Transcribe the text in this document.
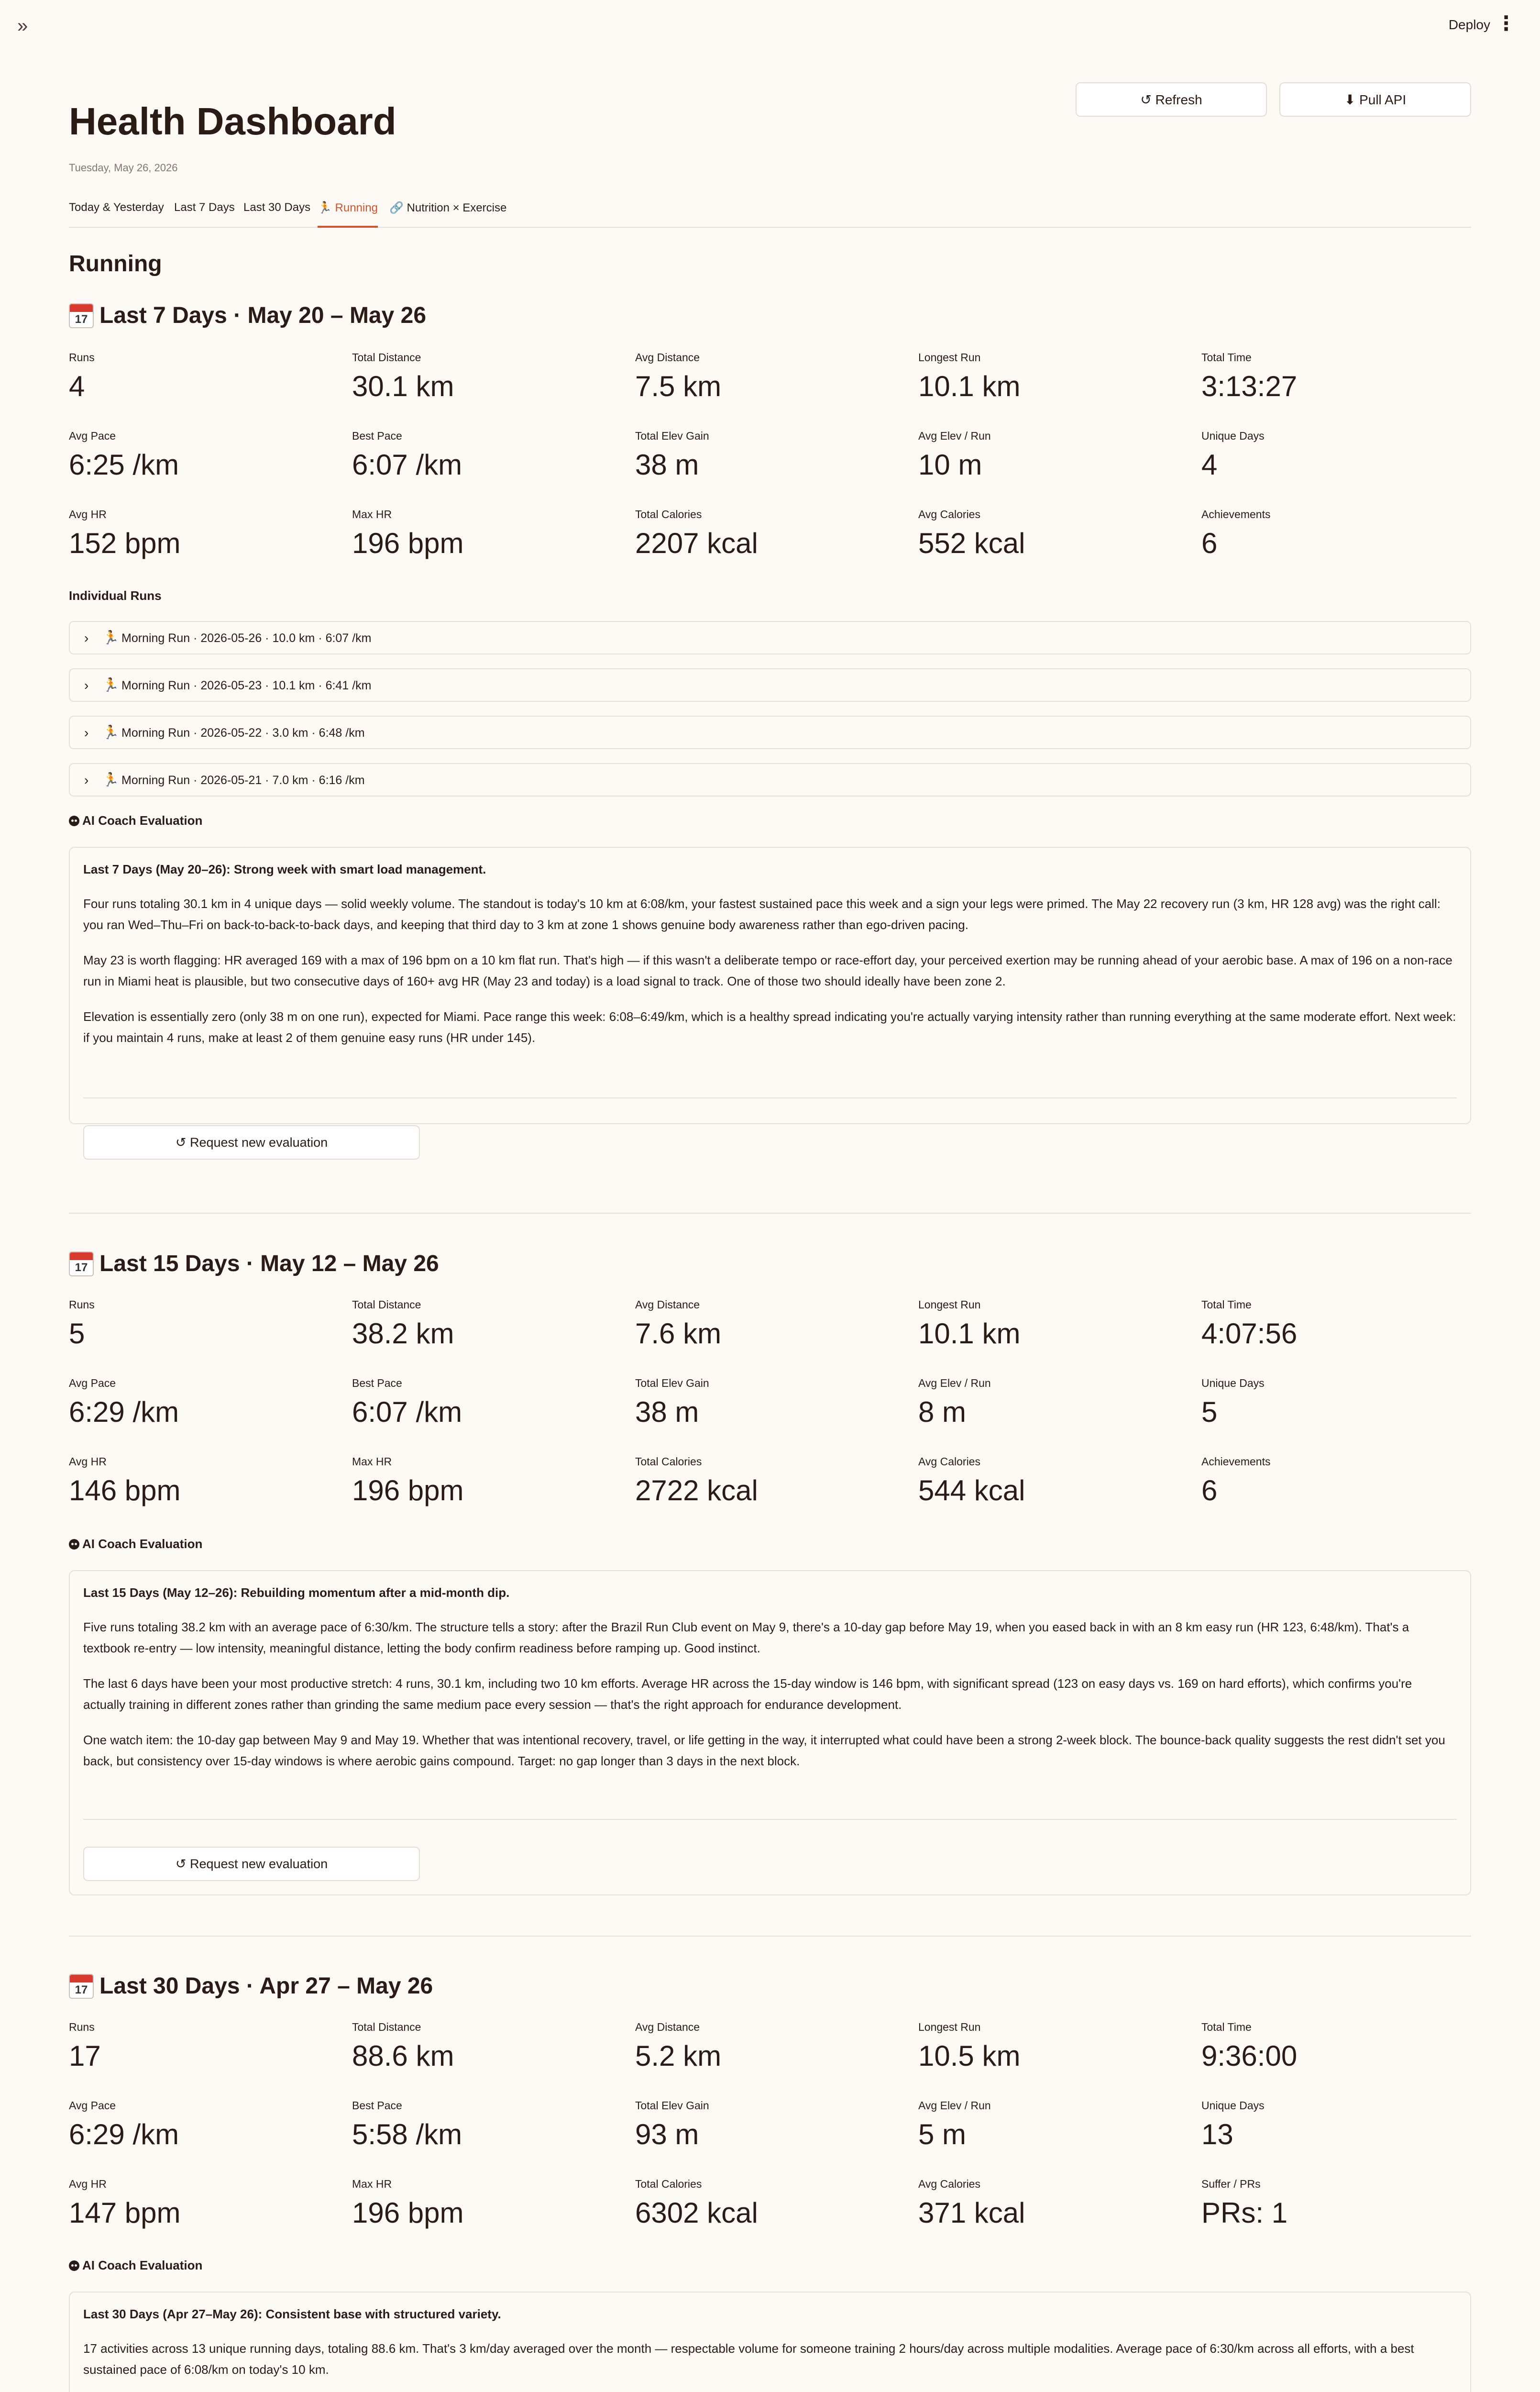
»	Deploy ⋮
↺ Refresh	⬇ Pull API
Health Dashboard
Tuesday, May 26, 2026
Today & Yesterday Last 7 Days Last 30 Days 🏃 Running 🔗 Nutrition × Exercise
Running
17 Last 7 Days · May 20 – May 26
Runs
4
Total Distance
30.1 km
Avg Distance
7.5 km
Longest Run
10.1 km
Total Time
3:13:27
Avg Pace
6:25 /km
Best Pace
6:07 /km
Total Elev Gain
38 m
Avg Elev / Run
10 m
Unique Days
4
Avg HR
152 bpm
Max HR
196 bpm
Total Calories
2207 kcal
Avg Calories
552 kcal
Achievements
6
Individual Runs
› 🏃 Morning Run · 2026-05-26 · 10.0 km · 6:07 /km
› 🏃 Morning Run · 2026-05-23 · 10.1 km · 6:41 /km
› 🏃 Morning Run · 2026-05-22 · 3.0 km · 6:48 /km
› 🏃 Morning Run · 2026-05-21 · 7.0 km · 6:16 /km
AI Coach Evaluation
Last 7 Days (May 20–26): Strong week with smart load management.

Four runs totaling 30.1 km in 4 unique days — solid weekly volume. The standout is today's 10 km at 6:08/km, your fastest sustained pace this week and a sign your legs were primed. The May 22 recovery run (3 km, HR 128 avg) was the right call: you ran Wed–Thu–Fri on back-to-back-to-back days, and keeping that third day to 3 km at zone 1 shows genuine body awareness rather than ego-driven pacing.

May 23 is worth flagging: HR averaged 169 with a max of 196 bpm on a 10 km flat run. That's high — if this wasn't a deliberate tempo or race-effort day, your perceived exertion may be running ahead of your aerobic base. A max of 196 on a non-race run in Miami heat is plausible, but two consecutive days of 160+ avg HR (May 23 and today) is a load signal to track. One of those two should ideally have been zone 2.

Elevation is essentially zero (only 38 m on one run), expected for Miami. Pace range this week: 6:08–6:49/km, which is a healthy spread indicating you're actually varying intensity rather than running everything at the same moderate effort. Next week: if you maintain 4 runs, make at least 2 of them genuine easy runs (HR under 145).

↺ Request new evaluation
17 Last 15 Days · May 12 – May 26
Runs
5
Total Distance
38.2 km
Avg Distance
7.6 km
Longest Run
10.1 km
Total Time
4:07:56
Avg Pace
6:29 /km
Best Pace
6:07 /km
Total Elev Gain
38 m
Avg Elev / Run
8 m
Unique Days
5
Avg HR
146 bpm
Max HR
196 bpm
Total Calories
2722 kcal
Avg Calories
544 kcal
Achievements
6
AI Coach Evaluation
Last 15 Days (May 12–26): Rebuilding momentum after a mid-month dip.

Five runs totaling 38.2 km with an average pace of 6:30/km. The structure tells a story: after the Brazil Run Club event on May 9, there's a 10-day gap before May 19, when you eased back in with an 8 km easy run (HR 123, 6:48/km). That's a textbook re-entry — low intensity, meaningful distance, letting the body confirm readiness before ramping up. Good instinct.

The last 6 days have been your most productive stretch: 4 runs, 30.1 km, including two 10 km efforts. Average HR across the 15-day window is 146 bpm, with significant spread (123 on easy days vs. 169 on hard efforts), which confirms you're actually training in different zones rather than grinding the same medium pace every session — that's the right approach for endurance development.

One watch item: the 10-day gap between May 9 and May 19. Whether that was intentional recovery, travel, or life getting in the way, it interrupted what could have been a strong 2-week block. The bounce-back quality suggests the rest didn't set you back, but consistency over 15-day windows is where aerobic gains compound. Target: no gap longer than 3 days in the next block.

↺ Request new evaluation
17 Last 30 Days · Apr 27 – May 26
Runs
17
Total Distance
88.6 km
Avg Distance
5.2 km
Longest Run
10.5 km
Total Time
9:36:00
Avg Pace
6:29 /km
Best Pace
5:58 /km
Total Elev Gain
93 m
Avg Elev / Run
5 m
Unique Days
13
Avg HR
147 bpm
Max HR
196 bpm
Total Calories
6302 kcal
Avg Calories
371 kcal
Suffer / PRs
PRs: 1
AI Coach Evaluation
Last 30 Days (Apr 27–May 26): Consistent base with structured variety.

17 activities across 13 unique running days, totaling 88.6 km. That's 3 km/day averaged over the month — respectable volume for someone training 2 hours/day across multiple modalities. Average pace of 6:30/km across all efforts, with a best sustained pace of 6:08/km on today's 10 km.
